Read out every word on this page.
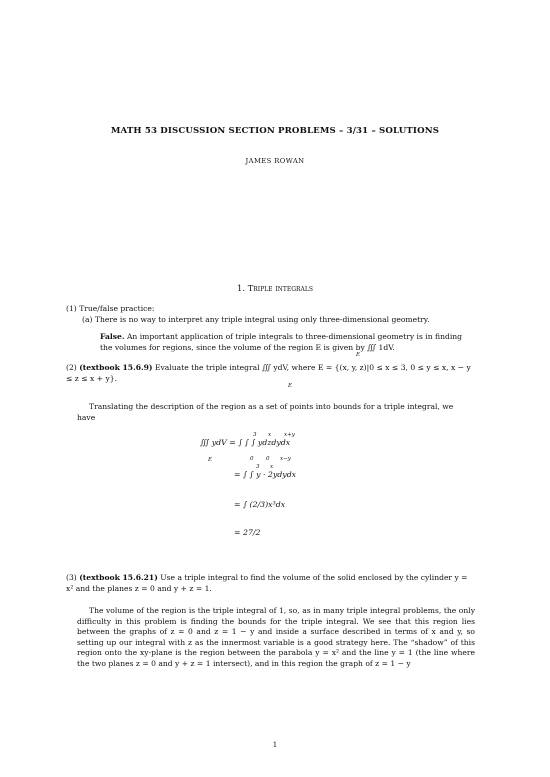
MATH 53 DISCUSSION SECTION PROBLEMS – 3/31 – SOLUTIONS
JAMES ROWAN
1. Triple integrals
(1) True/false practice:
(a) There is no way to interpret any triple integral using only three-dimensional geometry.
False. An important application of triple integrals to three-dimensional geometry is in finding the volumes for regions, since the volume of the region E is given by ∭ 1dV.
E
(2) (textbook 15.6.9) Evaluate the triple integral ∭ ydV, where E = {(x, y, z)|0 ≤ x ≤ 3, 0 ≤ y ≤ x, x − y ≤ z ≤ x + y}.
E
Translating the description of the region as a set of points into bounds for a triple integral, we have
∭ ydV = ∫ ∫ ∫ ydzdydx
3
0
x
0
x+y
x−y
E
= ∫ ∫ y · 2ydydx
3 x
= ∫ (2/3)x³dx
= 27/2
(3) (textbook 15.6.21) Use a triple integral to find the volume of the solid enclosed by the cylinder y = x² and the planes z = 0 and y + z = 1.
The volume of the region is the triple integral of 1, so, as in many triple integral problems, the only difficulty in this problem is finding the bounds for the triple integral. We see that this region lies between the graphs of z = 0 and z = 1 − y and inside a surface described in terms of x and y, so setting up our integral with z as the innermost variable is a good strategy here. The “shadow” of this region onto the xy-plane is the region between the parabola y = x² and the line y = 1 (the line where the two planes z = 0 and y + z = 1 intersect), and in this region the graph of z = 1 − y
1
